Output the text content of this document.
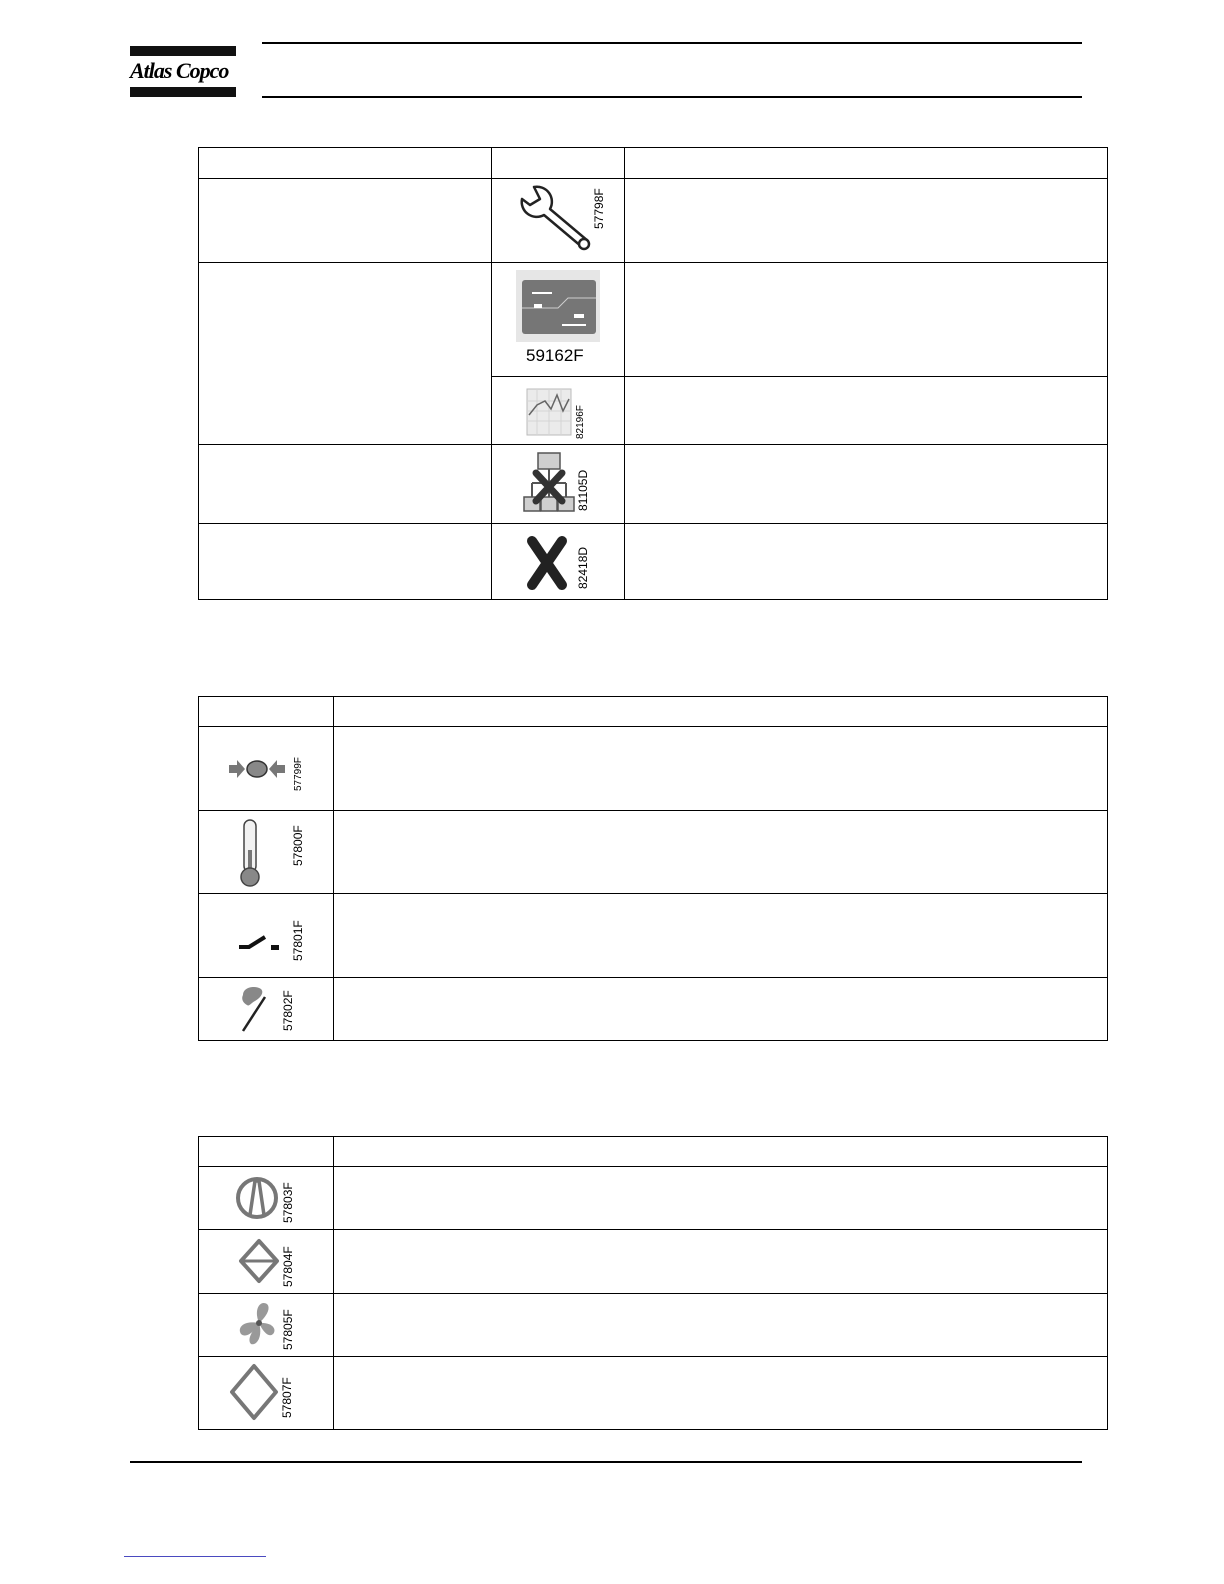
Atlas Copco

	57798F	

	59162F	

	82196F	

	81105D	

	82418D	

57799F	

57800F	

57801F	

57802F	

57803F	

57804F	

57805F	

57807F	
